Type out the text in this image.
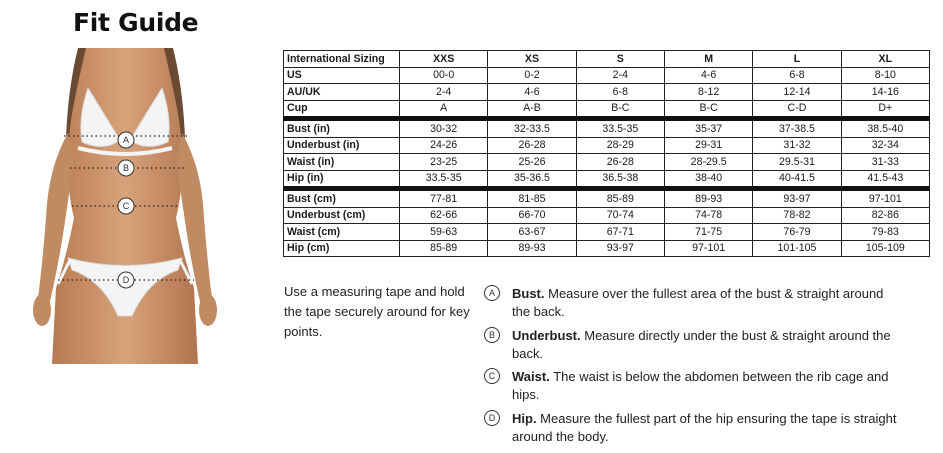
Fit Guide
A
B
C
D
International Sizing	XXS	XS	S	M	L	XL
US	00-0	0-2	2-4	4-6	6-8	8-10
AU/UK	2-4	4-6	6-8	8-12	12-14	14-16
Cup	A	A-B	B-C	B-C	C-D	D+
Bust (in)	30-32	32-33.5	33.5-35	35-37	37-38.5	38.5-40
Underbust (in)	24-26	26-28	28-29	29-31	31-32	32-34
Waist (in)	23-25	25-26	26-28	28-29.5	29.5-31	31-33
Hip (in)	33.5-35	35-36.5	36.5-38	38-40	40-41.5	41.5-43
Bust (cm)	77-81	81-85	85-89	89-93	93-97	97-101
Underbust (cm)	62-66	66-70	70-74	74-78	78-82	82-86
Waist (cm)	59-63	63-67	67-71	71-75	76-79	79-83
Hip (cm)	85-89	89-93	93-97	97-101	101-105	105-109
Use a measuring tape and hold the tape securely around for key points.
A	Bust. Measure over the fullest area of the bust & straight around the back.
B	Underbust. Measure directly under the bust & straight around the back.
C	Waist. The waist is below the abdomen between the rib cage and hips.
D	Hip. Measure the fullest part of the hip ensuring the tape is straight around the body.
